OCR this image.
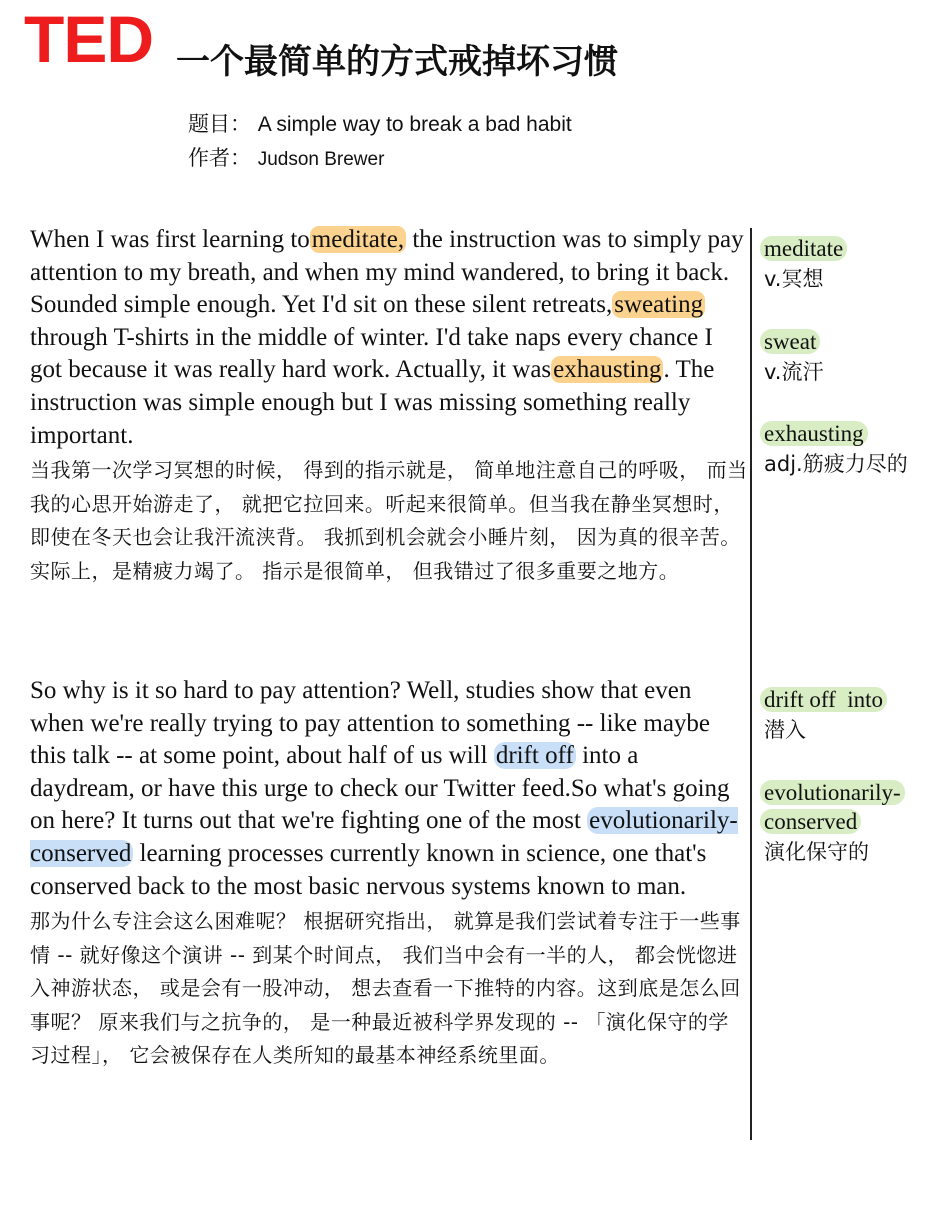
TED 一个最简单的方式戒掉坏习惯
题目： A simple way to break a bad habit
作者： Judson Brewer

When I was first learning tomeditate, the instruction was to simply pay attention to my breath, and when my mind wandered, to bring it back. Sounded simple enough. Yet I'd sit on these silent retreats,sweating through T-shirts in the middle of winter. I'd take naps every chance I got because it was really hard work. Actually, it wasexhausting. The instruction was simple enough but I was missing something really important.

当我第一次学习冥想的时候， 得到的指示就是， 简单地注意自己的呼吸， 而当我的心思开始游走了， 就把它拉回来。听起来很简单。但当我在静坐冥想时， 即使在冬天也会让我汗流浃背。 我抓到机会就会小睡片刻， 因为真的很辛苦。 实际上，是精疲力竭了。 指示是很简单， 但我错过了很多重要之地方。

So why is it so hard to pay attention? Well, studies show that even when we're really trying to pay attention to something -- like maybe this talk -- at some point, about half of us will drift off into a daydream, or have this urge to check our Twitter feed.So what's going on here? It turns out that we're fighting one of the most evolutionarily-conserved learning processes currently known in science, one that's conserved back to the most basic nervous systems known to man.

那为什么专注会这么困难呢？ 根据研究指出， 就算是我们尝试着专注于一些事情 -- 就好像这个演讲 -- 到某个时间点， 我们当中会有一半的人， 都会恍惚进入神游状态， 或是会有一股冲动， 想去查看一下推特的内容。这到底是怎么回事呢？ 原来我们与之抗争的， 是一种最近被科学界发现的 -- 「演化保守的学习过程」， 它会被保存在人类所知的最基本神经系统里面。

meditate
v.冥想
sweat
v.流汗
exhausting
adj.筋疲力尽的
drift off  into
潜入
evolutionarily-conserved
演化保守的
